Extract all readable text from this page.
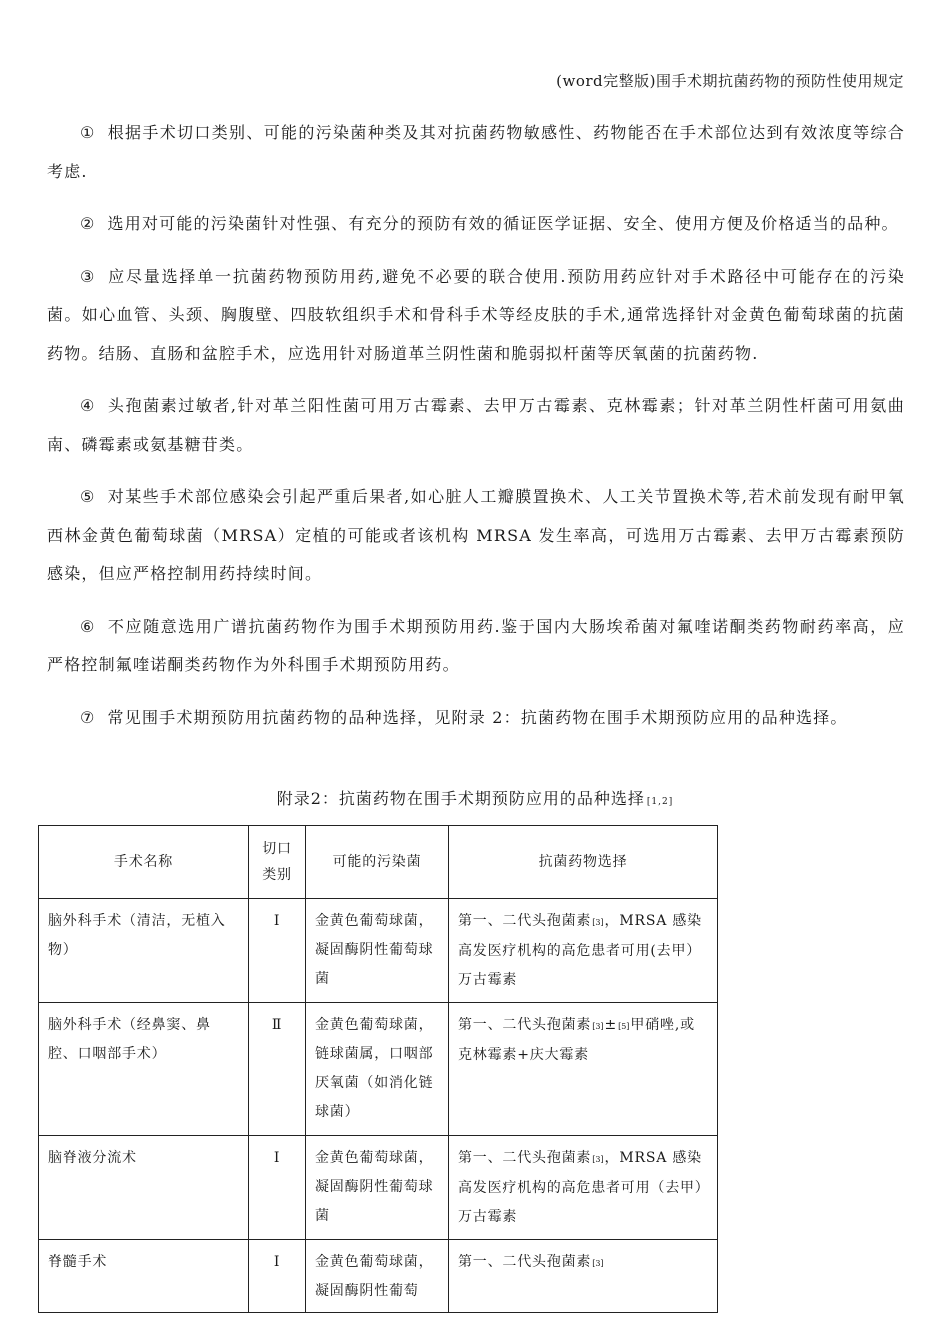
(word完整版)围手术期抗菌药物的预防性使用规定

① 根据手术切口类别、可能的污染菌种类及其对抗菌药物敏感性、药物能否在手术部位达到有效浓度等综合考虑.

② 选用对可能的污染菌针对性强、有充分的预防有效的循证医学证据、安全、使用方便及价格适当的品种。

③ 应尽量选择单一抗菌药物预防用药,避免不必要的联合使用.预防用药应针对手术路径中可能存在的污染菌。如心血管、头颈、胸腹壁、四肢软组织手术和骨科手术等经皮肤的手术,通常选择针对金黄色葡萄球菌的抗菌药物。结肠、直肠和盆腔手术，应选用针对肠道革兰阴性菌和脆弱拟杆菌等厌氧菌的抗菌药物.

④ 头孢菌素过敏者,针对革兰阳性菌可用万古霉素、去甲万古霉素、克林霉素；针对革兰阴性杆菌可用氨曲南、磷霉素或氨基糖苷类。

⑤ 对某些手术部位感染会引起严重后果者,如心脏人工瓣膜置换术、人工关节置换术等,若术前发现有耐甲氧西林金黄色葡萄球菌（MRSA）定植的可能或者该机构 MRSA 发生率高，可选用万古霉素、去甲万古霉素预防感染，但应严格控制用药持续时间。

⑥ 不应随意选用广谱抗菌药物作为围手术期预防用药.鉴于国内大肠埃希菌对氟喹诺酮类药物耐药率高，应严格控制氟喹诺酮类药物作为外科围手术期预防用药。

⑦ 常见围手术期预防用抗菌药物的品种选择，见附录 2：抗菌药物在围手术期预防应用的品种选择。

附录2：抗菌药物在围手术期预防应用的品种选择 [1,2]
手术名称	切口类别	可能的污染菌	抗菌药物选择
脑外科手术（清洁，无植入物）	Ⅰ	金黄色葡萄球菌，凝固酶阴性葡萄球菌	第一、二代头孢菌素[3]，MRSA 感染高发医疗机构的高危患者可用(去甲）万古霉素
脑外科手术（经鼻窦、鼻腔、口咽部手术）	Ⅱ	金黄色葡萄球菌，链球菌属，口咽部厌氧菌（如消化链球菌）	第一、二代头孢菌素[3]±[5]甲硝唑,或克林霉素+庆大霉素
脑脊液分流术	Ⅰ	金黄色葡萄球菌，凝固酶阴性葡萄球菌	第一、二代头孢菌素[3]，MRSA 感染高发医疗机构的高危患者可用（去甲）万古霉素
脊髓手术	Ⅰ	金黄色葡萄球菌，凝固酶阴性葡萄	第一、二代头孢菌素[3]
